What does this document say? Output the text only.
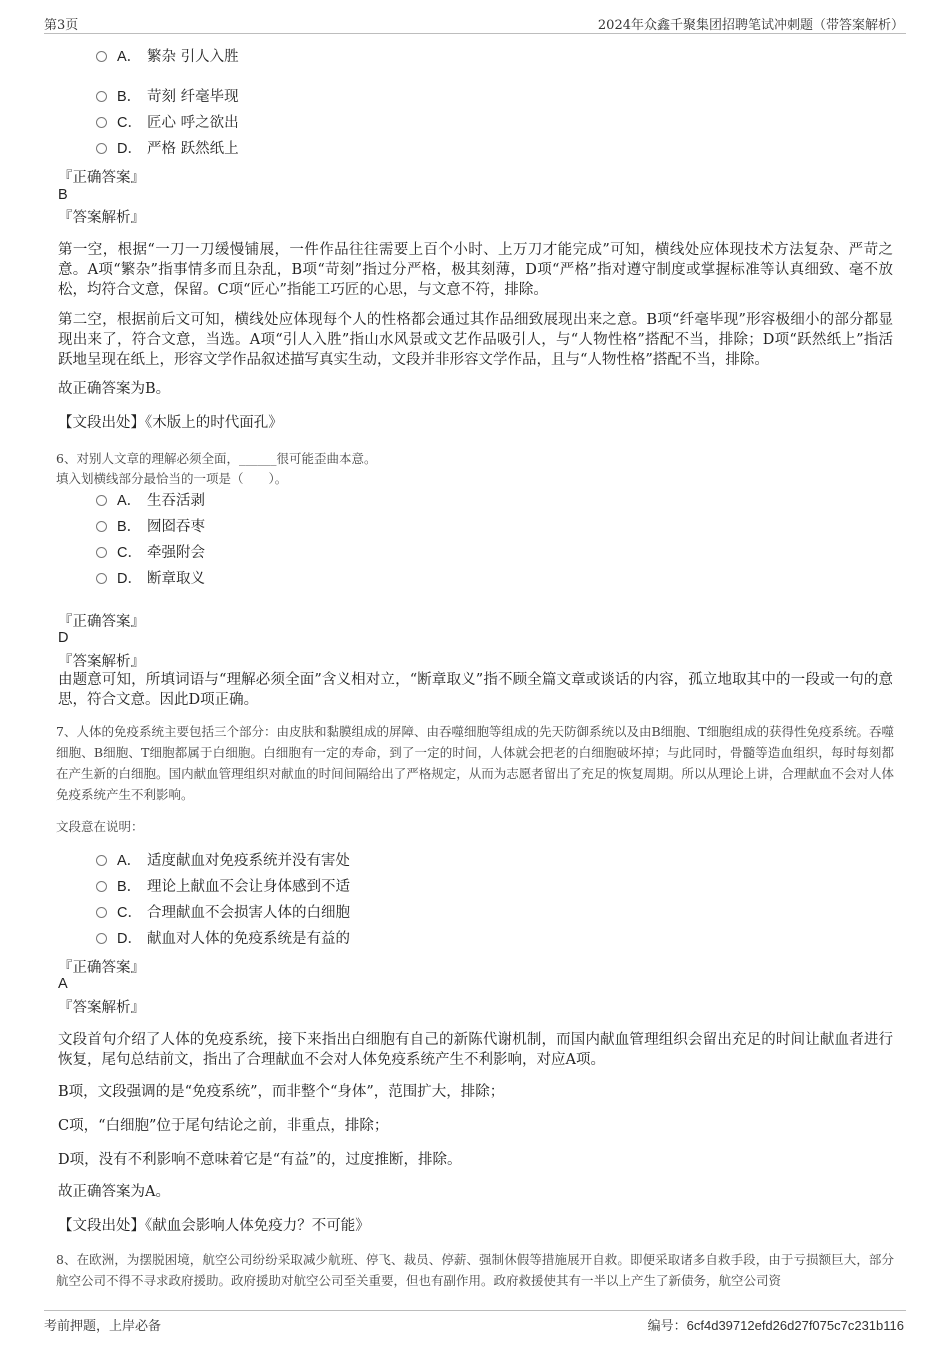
第3页	2024年众鑫千聚集团招聘笔试冲刺题（带答案解析）
A． 繁杂 引人入胜
B． 苛刻 纤毫毕现
C． 匠心 呼之欲出
D． 严格 跃然纸上
『正确答案』
B
『答案解析』

第一空，根据“一刀一刀缓慢铺展，一件作品往往需要上百个小时、上万刀才能完成”可知，横线处应体现技术方法复杂、严苛之意。A项“繁杂”指事情多而且杂乱，B项“苛刻”指过分严格，极其刻薄，D项“严格”指对遵守制度或掌握标准等认真细致、毫不放松，均符合文意，保留。C项“匠心”指能工巧匠的心思，与文意不符，排除。

第二空，根据前后文可知，横线处应体现每个人的性格都会通过其作品细致展现出来之意。B项“纤毫毕现”形容极细小的部分都显现出来了，符合文意，当选。A项“引人入胜”指山水风景或文艺作品吸引人，与“人物性格”搭配不当，排除；D项“跃然纸上”指活跃地呈现在纸上，形容文学作品叙述描写真实生动，文段并非形容文学作品，且与“人物性格”搭配不当，排除。

故正确答案为B。

【文段出处】《木版上的时代面孔》

6、对别人文章的理解必须全面，______很可能歪曲本意。

填入划横线部分最恰当的一项是（　　）。

A． 生吞活剥
B． 囫囵吞枣
C． 牵强附会
D． 断章取义
『正确答案』
D
『答案解析』

由题意可知，所填词语与“理解必须全面”含义相对立，“断章取义”指不顾全篇文章或谈话的内容，孤立地取其中的一段或一句的意思，符合文意。因此D项正确。

7、人体的免疫系统主要包括三个部分：由皮肤和黏膜组成的屏障、由吞噬细胞等组成的先天防御系统以及由B细胞、T细胞组成的获得性免疫系统。吞噬细胞、B细胞、T细胞都属于白细胞。白细胞有一定的寿命，到了一定的时间，人体就会把老的白细胞破坏掉；与此同时，骨髓等造血组织，每时每刻都在产生新的白细胞。国内献血管理组织对献血的时间间隔给出了严格规定，从而为志愿者留出了充足的恢复周期。所以从理论上讲，合理献血不会对人体免疫系统产生不利影响。

文段意在说明：

A． 适度献血对免疫系统并没有害处
B． 理论上献血不会让身体感到不适
C． 合理献血不会损害人体的白细胞
D． 献血对人体的免疫系统是有益的
『正确答案』
A
『答案解析』

文段首句介绍了人体的免疫系统，接下来指出白细胞有自己的新陈代谢机制，而国内献血管理组织会留出充足的时间让献血者进行恢复，尾句总结前文，指出了合理献血不会对人体免疫系统产生不利影响，对应A项。

B项，文段强调的是“免疫系统”，而非整个“身体”，范围扩大，排除；

C项，“白细胞”位于尾句结论之前，非重点，排除；

D项，没有不利影响不意味着它是“有益”的，过度推断，排除。

故正确答案为A。

【文段出处】《献血会影响人体免疫力？不可能》

8、在欧洲，为摆脱困境，航空公司纷纷采取减少航班、停飞、裁员、停薪、强制休假等措施展开自救。即便采取诸多自救手段，由于亏损额巨大，部分航空公司不得不寻求政府援助。政府援助对航空公司至关重要，但也有副作用。政府救援使其有一半以上产生了新债务，航空公司资

考前押题，上岸必备	编号：6cf4d39712efd26d27f075c7c231b116
